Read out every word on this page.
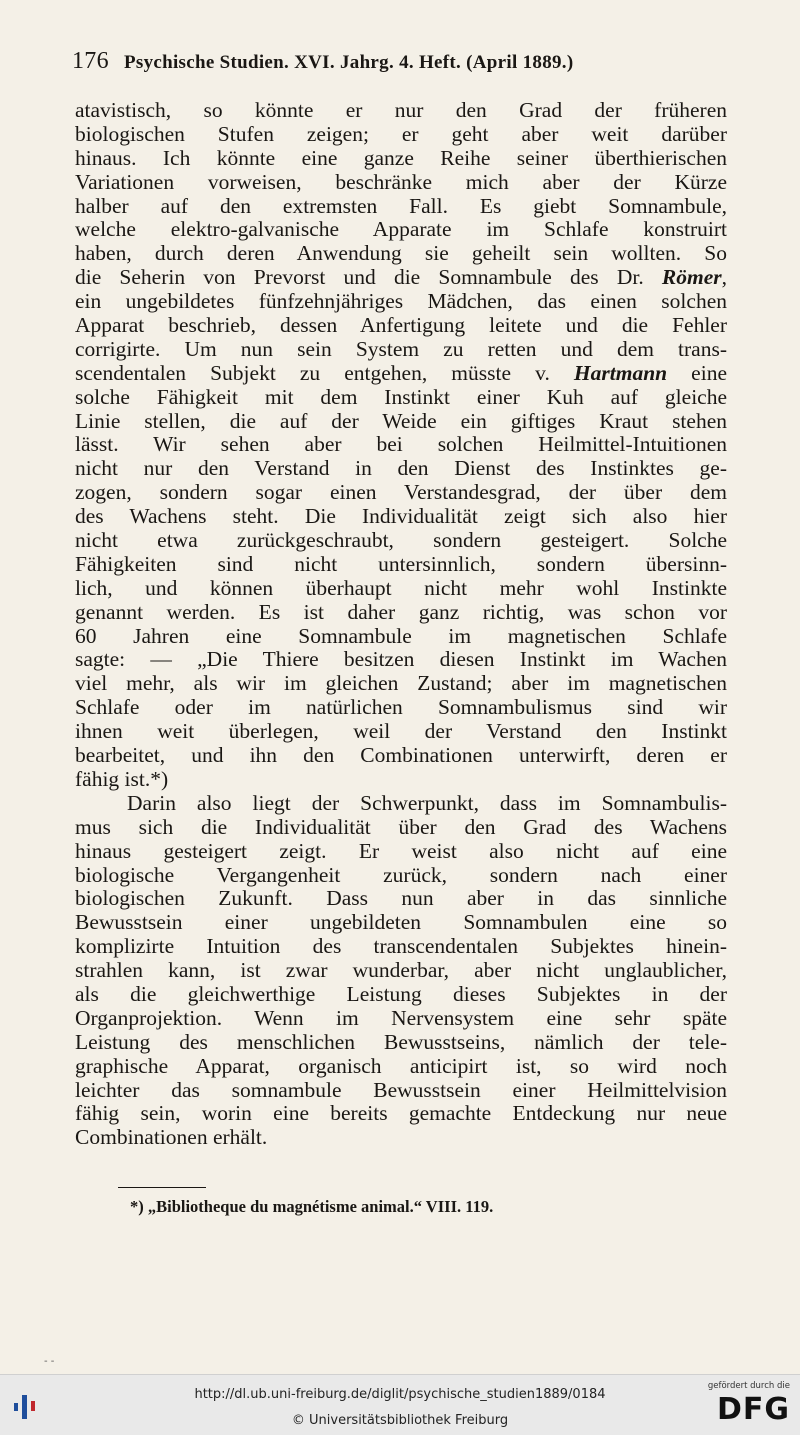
176 Psychische Studien. XVI. Jahrg. 4. Heft. (April 1889.)
atavistisch, so könnte er nur den Grad der früheren
biologischen Stufen zeigen; er geht aber weit darüber
hinaus. Ich könnte eine ganze Reihe seiner überthierischen
Variationen vorweisen, beschränke mich aber der Kürze
halber auf den extremsten Fall. Es giebt Somnambule,
welche elektro-galvanische Apparate im Schlafe konstruirt
haben, durch deren Anwendung sie geheilt sein wollten. So
die Seherin von Prevorst und die Somnambule des Dr. Römer,
ein ungebildetes fünfzehnjähriges Mädchen, das einen solchen
Apparat beschrieb, dessen Anfertigung leitete und die Fehler
corrigirte. Um nun sein System zu retten und dem trans-
scendentalen Subjekt zu entgehen, müsste v. Hartmann eine
solche Fähigkeit mit dem Instinkt einer Kuh auf gleiche
Linie stellen, die auf der Weide ein giftiges Kraut stehen
lässt. Wir sehen aber bei solchen Heilmittel-Intuitionen
nicht nur den Verstand in den Dienst des Instinktes ge-
zogen, sondern sogar einen Verstandesgrad, der über dem
des Wachens steht. Die Individualität zeigt sich also hier
nicht etwa zurückgeschraubt, sondern gesteigert. Solche
Fähigkeiten sind nicht untersinnlich, sondern übersinn-
lich, und können überhaupt nicht mehr wohl Instinkte
genannt werden. Es ist daher ganz richtig, was schon vor
60 Jahren eine Somnambule im magnetischen Schlafe
sagte: — „Die Thiere besitzen diesen Instinkt im Wachen
viel mehr, als wir im gleichen Zustand; aber im magnetischen
Schlafe oder im natürlichen Somnambulismus sind wir
ihnen weit überlegen, weil der Verstand den Instinkt
bearbeitet, und ihn den Combinationen unterwirft, deren er
fähig ist.*)
Darin also liegt der Schwerpunkt, dass im Somnambulis-
mus sich die Individualität über den Grad des Wachens
hinaus gesteigert zeigt. Er weist also nicht auf eine
biologische Vergangenheit zurück, sondern nach einer
biologischen Zukunft. Dass nun aber in das sinnliche
Bewusstsein einer ungebildeten Somnambulen eine so
komplizirte Intuition des transcendentalen Subjektes hinein-
strahlen kann, ist zwar wunderbar, aber nicht unglaublicher,
als die gleichwerthige Leistung dieses Subjektes in der
Organprojektion. Wenn im Nervensystem eine sehr späte
Leistung des menschlichen Bewusstseins, nämlich der tele-
graphische Apparat, organisch anticipirt ist, so wird noch
leichter das somnambule Bewusstsein einer Heilmittelvision
fähig sein, worin eine bereits gemachte Entdeckung nur neue
Combinationen erhält.
*) „Bibliotheque du magnétisme animal.“ VIII. 119.
- -
http://dl.ub.uni-freiburg.de/diglit/psychische_studien1889/0184
© Universitätsbibliothek Freiburg
gefördert durch die
DFG
